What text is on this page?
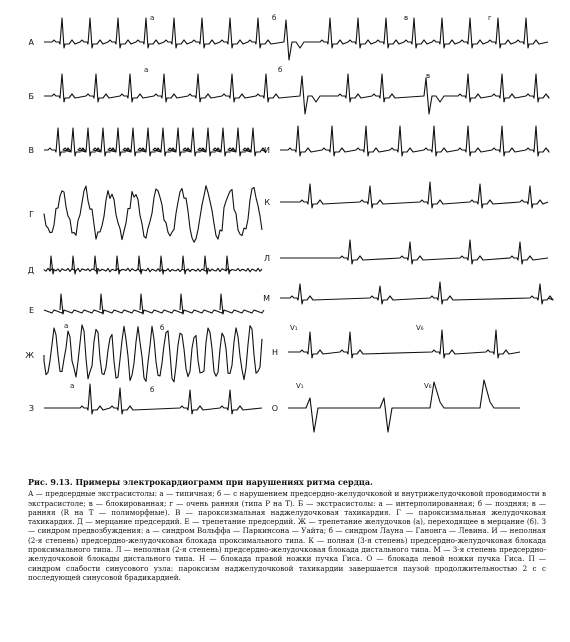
А
а	б	в	г
Б
а	б
в
В
Г
Д
Е
Ж
а	б
З
а	б
И
К
Л
М
Н
V₁	V₆
О
V₁	V₆
Рис. 9.13. Примеры электрокардиограмм при нарушениях ритма сердца.
А — предсердные экстрасистолы: а — типичная; б — с нарушением предсердно-желудочковой и внутрижелудочковой проводимости в экстрасистоле; в — блокированная; г — очень ранняя (типа Р на Т). Б — экстрасистолы: а — интерполированная; б — поздняя; в — ранняя (R на T — полиморфные). В — пароксизмальная наджелудочковая тахикардия. Г — пароксизмальная желудочковая тахикардия. Д — мерцание предсердий. Е — трепетание предсердий. Ж — трепетание желудочков (а), переходящее в мерцание (б). З — синдром предвозбуждения: а — синдром Вольффа — Паркинсона — Уайта; б — синдром Лауна — Ганонга — Левина. И — неполная (2-я степень) предсердно-желудочковая блокада проксимального типа. К — полная (3-я степень) предсердно-желудочковая блокада проксимального типа. Л — неполная (2-я степень) предсердно-желудочковая блокада дистального типа. М — 3-я степень предсердно-желудочковой блокады дистального типа. Н — блокада правой ножки пучка Гиса. О — блокада левой ножки пучка Гиса. П — синдром слабости синусового узла: пароксизм наджелудочковой тахикардии завершается паузой продолжительностью 2 с с последующей синусовой брадикардией.
